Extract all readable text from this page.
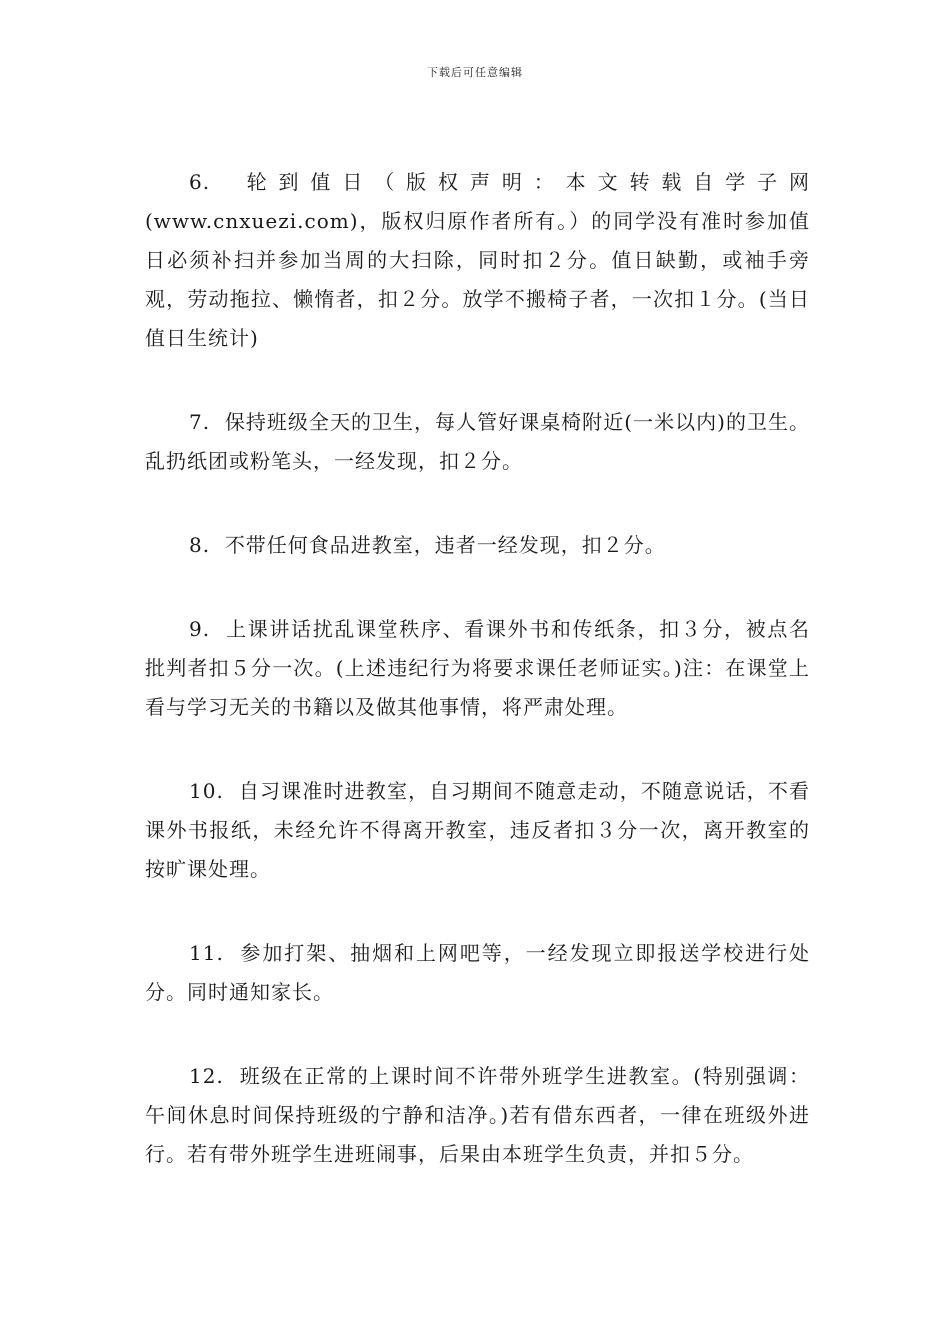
下载后可任意编辑

6. 轮到值日（版权声明：本文转载自学子网(www.cnxuezi.com)，版权归原作者所有。）的同学没有准时参加值日必须补扫并参加当周的大扫除，同时扣２分。值日缺勤，或袖手旁观，劳动拖拉、懒惰者，扣２分。放学不搬椅子者，一次扣１分。(当日值日生统计)

7. 保持班级全天的卫生，每人管好课桌椅附近(一米以内)的卫生。乱扔纸团或粉笔头，一经发现，扣２分。

8. 不带任何食品进教室，违者一经发现，扣２分。

9. 上课讲话扰乱课堂秩序、看课外书和传纸条，扣３分，被点名批判者扣５分一次。(上述违纪行为将要求课任老师证实。)注：在课堂上看与学习无关的书籍以及做其他事情，将严肃处理。

10. 自习课准时进教室，自习期间不随意走动，不随意说话，不看课外书报纸，未经允许不得离开教室，违反者扣３分一次，离开教室的按旷课处理。

11. 参加打架、抽烟和上网吧等，一经发现立即报送学校进行处分。同时通知家长。

12. 班级在正常的上课时间不许带外班学生进教室。(特别强调：午间休息时间保持班级的宁静和洁净。)若有借东西者，一律在班级外进行。若有带外班学生进班闹事，后果由本班学生负责，并扣５分。
